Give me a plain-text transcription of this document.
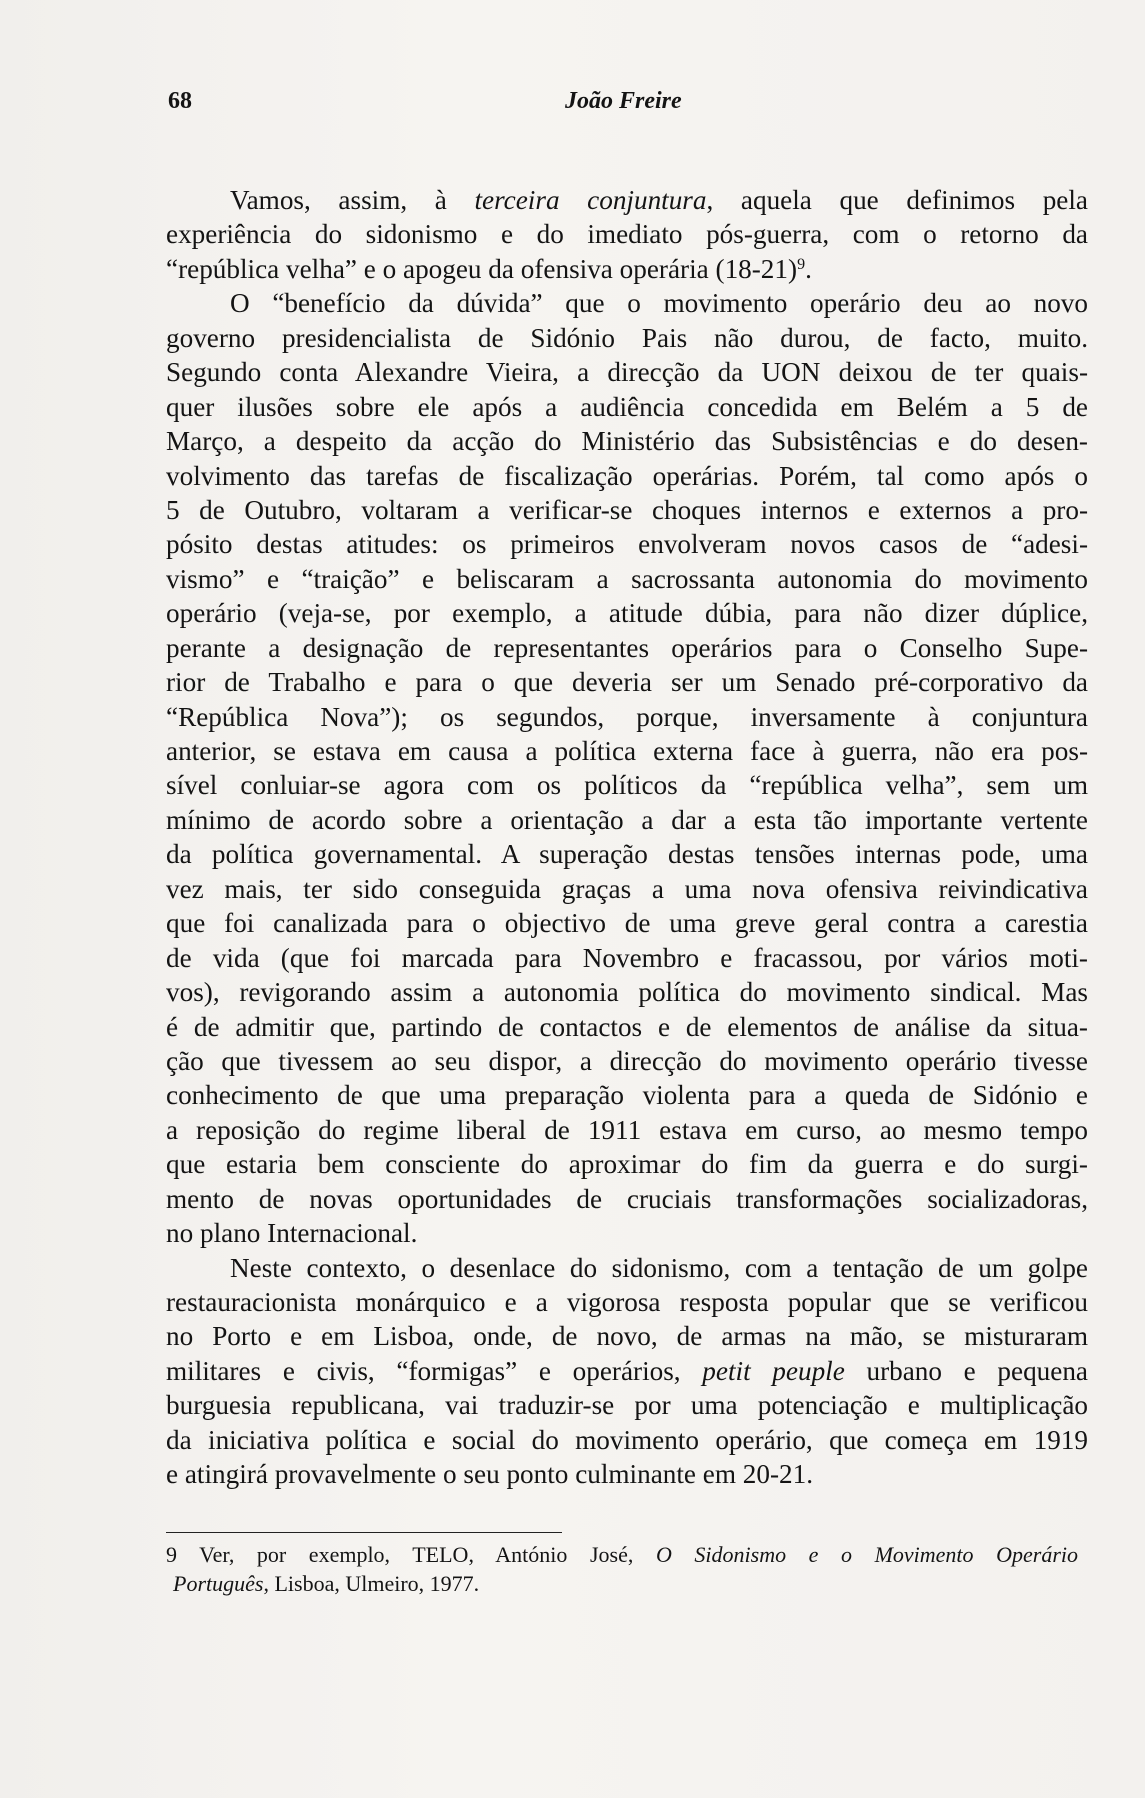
68	João Freire

Vamos, assim, à terceira conjuntura, aquela que definimos pela
experiência do sidonismo e do imediato pós-guerra, com o retorno da
“república velha” e o apogeu da ofensiva operária $(18-21)^9$.
O “benefício da dúvida” que o movimento operário deu ao novo
governo presidencialista de Sidónio Pais não durou, de facto, muito.
Segundo conta Alexandre Vieira, a direcção da UON deixou de ter quais-
quer ilusões sobre ele após a audiência concedida em Belém a 5 de
Março, a despeito da acção do Ministério das Subsistências e do desen-
volvimento das tarefas de fiscalização operárias. Porém, tal como após o
5 de Outubro, voltaram a verificar-se choques internos e externos a pro-
pósito destas atitudes: os primeiros envolveram novos casos de “adesi-
vismo” e “traição” e beliscaram a sacrossanta autonomia do movimento
operário (veja-se, por exemplo, a atitude dúbia, para não dizer dúplice,
perante a designação de representantes operários para o Conselho Supe-
rior de Trabalho e para o que deveria ser um Senado pré-corporativo da
“República Nova”); os segundos, porque, inversamente à conjuntura
anterior, se estava em causa a política externa face à guerra, não era pos-
sível conluiar-se agora com os políticos da “república velha”, sem um
mínimo de acordo sobre a orientação a dar a esta tão importante vertente
da política governamental. A superação destas tensões internas pode, uma
vez mais, ter sido conseguida graças a uma nova ofensiva reivindicativa
que foi canalizada para o objectivo de uma greve geral contra a carestia
de vida (que foi marcada para Novembro e fracassou, por vários moti-
vos), revigorando assim a autonomia política do movimento sindical. Mas
é de admitir que, partindo de contactos e de elementos de análise da situa-
ção que tivessem ao seu dispor, a direcção do movimento operário tivesse
conhecimento de que uma preparação violenta para a queda de Sidónio e
a reposição do regime liberal de 1911 estava em curso, ao mesmo tempo
que estaria bem consciente do aproximar do fim da guerra e do surgi-
mento de novas oportunidades de cruciais transformações socializadoras,
no plano Internacional.

Neste contexto, o desenlace do sidonismo, com a tentação de um golpe
restauracionista monárquico e a vigorosa resposta popular que se verificou
no Porto e em Lisboa, onde, de novo, de armas na mão, se misturaram
militares e civis, “formigas” e operários, petit peuple urbano e pequena
burguesia republicana, vai traduzir-se por uma potenciação e multiplicação
da iniciativa política e social do movimento operário, que começa em 1919
e atingirá provavelmente o seu ponto culminante em 20-21.

9 Ver, por exemplo, TELO, António José, O Sidonismo e o Movimento Operário
Português, Lisboa, Ulmeiro, 1977.
